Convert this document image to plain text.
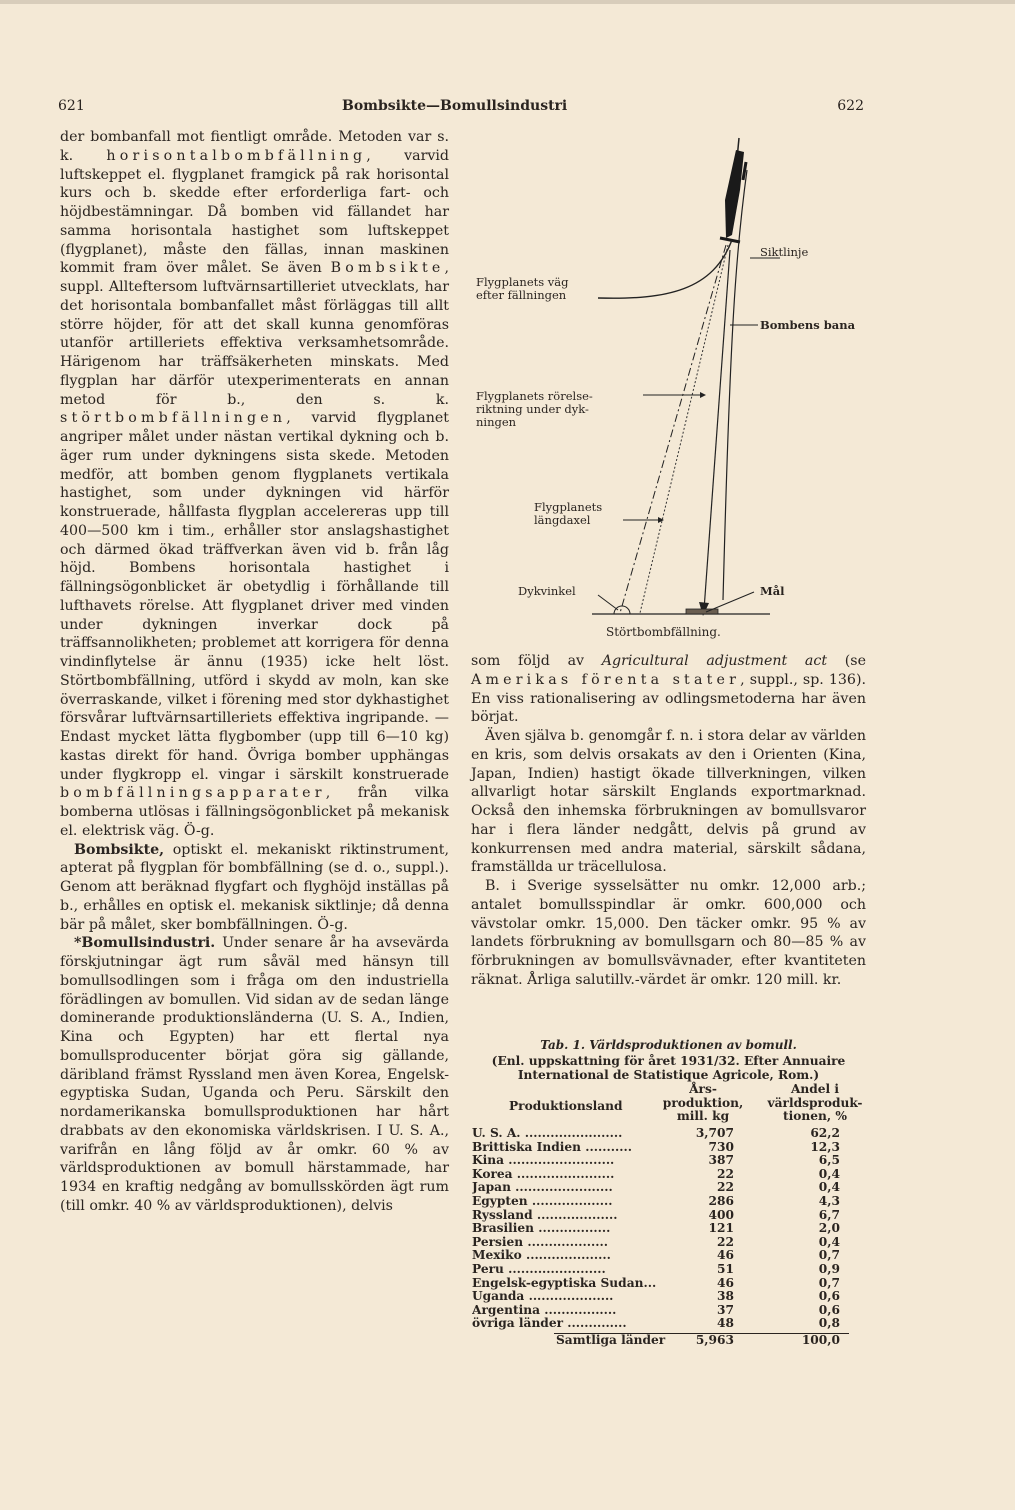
621	Bombsikte—Bomullsindustri	622

der bombanfall mot fientligt område. Metoden var s. k. horisontalbombfällning, varvid luftskeppet el. flygplanet framgick på rak horisontal kurs och b. skedde efter erforderliga fart- och höjdbestämningar. Då bomben vid fällandet har samma horisontala hastighet som luftskeppet (flygplanet), måste den fällas, innan maskinen kommit fram över målet. Se även Bombsikte, suppl. Allteftersom luftvärnsartilleriet utvecklats, har det horisontala bombanfallet måst förläggas till allt större höjder, för att det skall kunna genomföras utanför artilleriets effektiva verksamhetsområde. Härigenom har träffsäkerheten minskats. Med flygplan har därför utexperimenterats en annan metod för b., den s. k. störtbombfällningen, varvid flygplanet angriper målet under nästan vertikal dykning och b. äger rum under dykningens sista skede. Metoden medför, att bomben genom flygplanets vertikala hastighet, som under dykningen vid härför konstruerade, hållfasta flygplan accelereras upp till 400—500 km i tim., erhåller stor anslagshastighet och därmed ökad träffverkan även vid b. från låg höjd. Bombens horisontala hastighet i fällningsögonblicket är obetydlig i förhållande till lufthavets rörelse. Att flygplanet driver med vinden under dykningen inverkar dock på träffsannolikheten; problemet att korrigera för denna vindinflytelse är ännu (1935) icke helt löst. Störtbombfällning, utförd i skydd av moln, kan ske överraskande, vilket i förening med stor dykhastighet försvårar luftvärnsartilleriets effektiva ingripande. — Endast mycket lätta flygbomber (upp till 6—10 kg) kastas direkt för hand. Övriga bomber upphängas under flygkropp el. vingar i särskilt konstruerade bombfällningsapparater, från vilka bomberna utlösas i fällningsögonblicket på mekanisk el. elektrisk väg. Ö-g.

Bombsikte, optiskt el. mekaniskt riktinstrument, apterat på flygplan för bombfällning (se d. o., suppl.). Genom att beräknad flygfart och flyghöjd inställas på b., erhålles en optisk el. mekanisk siktlinje; då denna bär på målet, sker bombfällningen. Ö-g.

*Bomullsindustri. Under senare år ha avsevärda förskjutningar ägt rum såväl med hänsyn till bomullsodlingen som i fråga om den industriella förädlingen av bomullen. Vid sidan av de sedan länge dominerande produktionsländerna (U. S. A., Indien, Kina och Egypten) har ett flertal nya bomullsproducenter börjat göra sig gällande, däribland främst Ryssland men även Korea, Engelsk-egyptiska Sudan, Uganda och Peru. Särskilt den nordamerikanska bomullsproduktionen har hårt drabbats av den ekonomiska världskrisen. I U. S. A., varifrån en lång följd av år omkr. 60 % av världsproduktionen av bomull härstammade, har 1934 en kraftig nedgång av bomullsskörden ägt rum (till omkr. 40 % av världsproduktionen), delvis

Siktlinje
Flygplanets väg
efter fällningen
Bombens bana
Flygplanets rörelse-
riktning under dyk-
ningen
Flygplanets
längdaxel
Dykvinkel	Mål
Störtbombfällning.

som följd av Agricultural adjustment act (se Amerikas förenta stater, suppl., sp. 136). En viss rationalisering av odlingsmetoderna har även börjat.

Även själva b. genomgår f. n. i stora delar av världen en kris, som delvis orsakats av den i Orienten (Kina, Japan, Indien) hastigt ökade tillverkningen, vilken allvarligt hotar särskilt Englands exportmarknad. Också den inhemska förbrukningen av bomullsvaror har i flera länder nedgått, delvis på grund av konkurrensen med andra material, särskilt sådana, framställda ur träcellulosa.

B. i Sverige sysselsätter nu omkr. 12,000 arb.; antalet bomullsspindlar är omkr. 600,000 och vävstolar omkr. 15,000. Den täcker omkr. 95 % av landets förbrukning av bomullsgarn och 80—85 % av förbrukningen av bomullsvävnader, efter kvantiteten räknat. Årliga salutillv.-värdet är omkr. 120 mill. kr.

Tab. 1. Världsproduktionen av bomull.
(Enl. uppskattning för året 1931/32. Efter Annuaire
International de Statistique Agricole, Rom.)
Produktionsland
Års-
produktion,
mill. kg
Andel i
världsproduk-
tionen, %
U. S. A. .......................	3,707	62,2
Brittiska Indien ...........	730	12,3
Kina .........................	387	6,5
Korea .......................	22	0,4
Japan .......................	22	0,4
Egypten ...................	286	4,3
Ryssland ...................	400	6,7
Brasilien .................	121	2,0
Persien ...................	22	0,4
Mexiko ....................	46	0,7
Peru .......................	51	0,9
Engelsk-egyptiska Sudan...	46	0,7
Uganda ....................	38	0,6
Argentina .................	37	0,6
övriga länder ..............	48	0,8
Samtliga länder	5,963	100,0
